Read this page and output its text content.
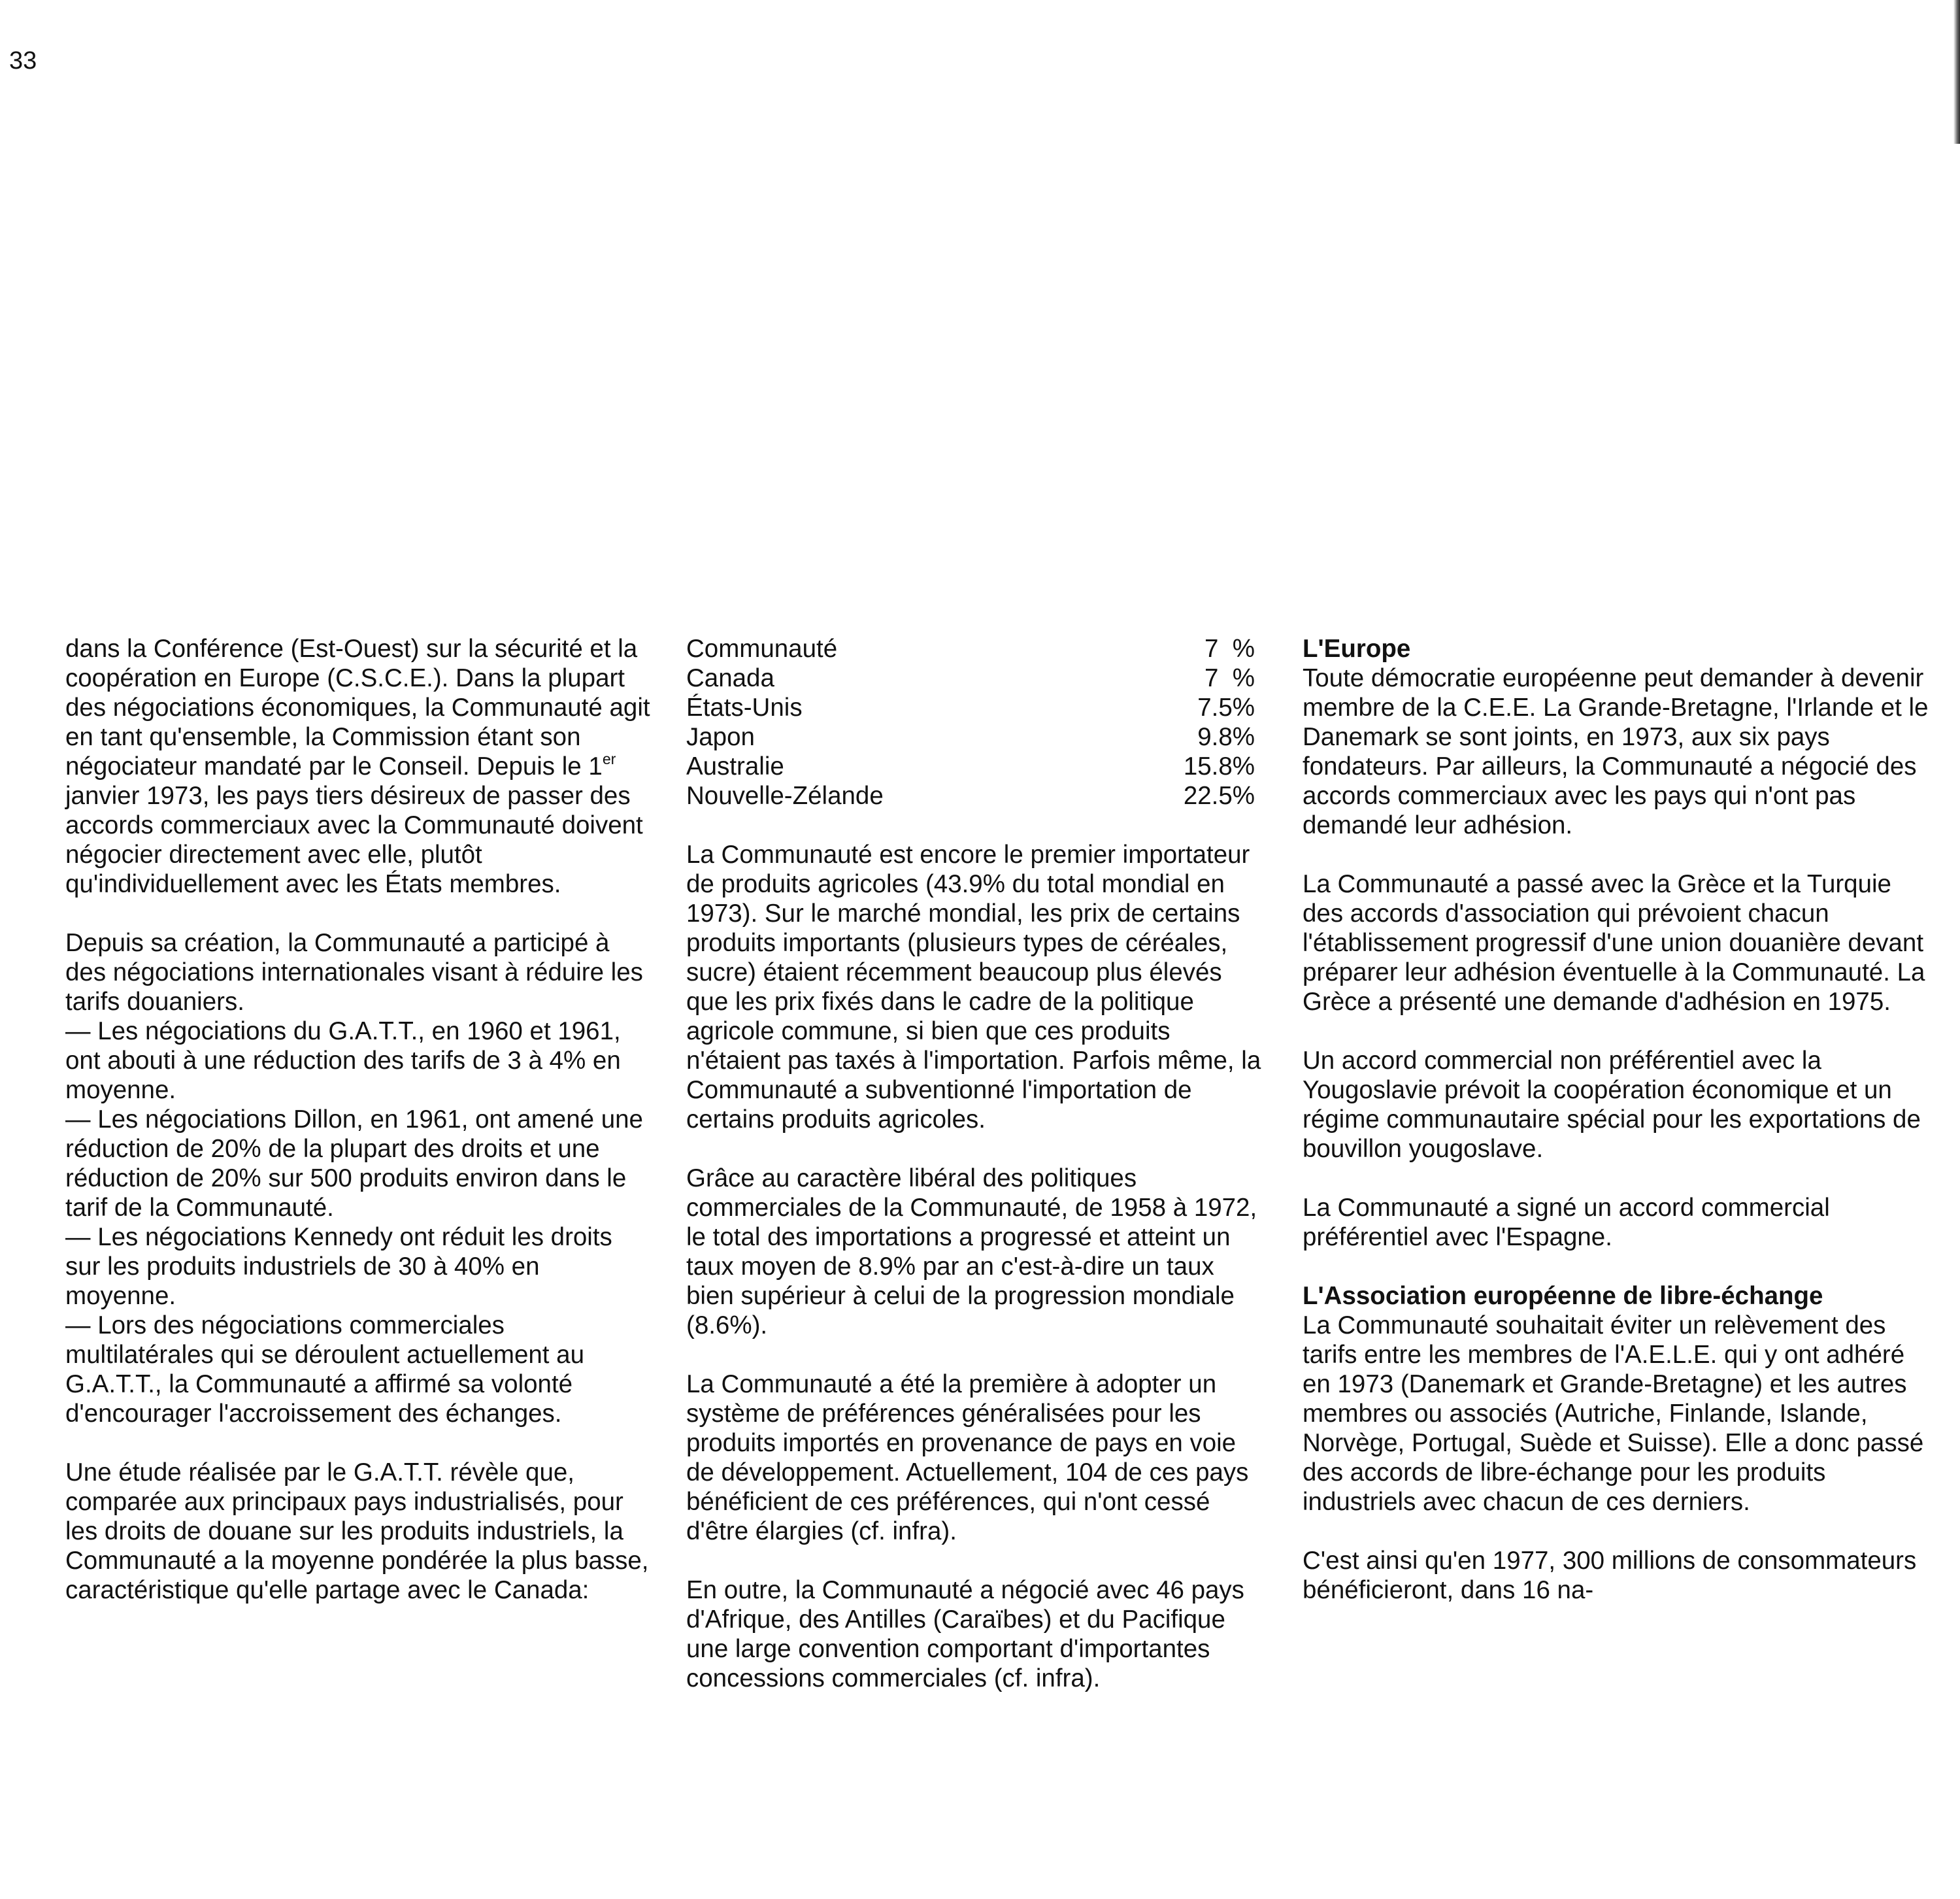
33

dans la Conférence (Est-Ouest) sur la sécurité et la coopération en Europe (C.S.C.E.). Dans la plupart des négociations économiques, la Communauté agit en tant qu'ensemble, la Commission étant son négociateur mandaté par le Conseil. Depuis le 1er janvier 1973, les pays tiers désireux de passer des accords commerciaux avec la Communauté doivent négocier directement avec elle, plutôt qu'individuellement avec les États membres.

Depuis sa création, la Communauté a participé à des négociations internationales visant à réduire les tarifs douaniers.
— Les négociations du G.A.T.T., en 1960 et 1961, ont abouti à une réduction des tarifs de 3 à 4% en moyenne.
— Les négociations Dillon, en 1961, ont amené une réduction de 20% de la plupart des droits et une réduction de 20% sur 500 produits environ dans le tarif de la Communauté.
— Les négociations Kennedy ont réduit les droits sur les produits industriels de 30 à 40% en moyenne.
— Lors des négociations commerciales multilatérales qui se déroulent actuellement au G.A.T.T., la Communauté a affirmé sa volonté d'encourager l'accroissement des échanges.

Une étude réalisée par le G.A.T.T. révèle que, comparée aux principaux pays industrialisés, pour les droits de douane sur les produits industriels, la Communauté a la moyenne pondérée la plus basse, caractéristique qu'elle partage avec le Canada:

Communauté	7  %
Canada	7  %
États-Unis	7.5%
Japon	9.8%
Australie	15.8%
Nouvelle-Zélande	22.5%

La Communauté est encore le premier importateur de produits agricoles (43.9% du total mondial en 1973). Sur le marché mondial, les prix de certains produits importants (plusieurs types de céréales, sucre) étaient récemment beaucoup plus élevés que les prix fixés dans le cadre de la politique agricole commune, si bien que ces produits n'étaient pas taxés à l'importation. Parfois même, la Communauté a subventionné l'importation de certains produits agricoles.

Grâce au caractère libéral des politiques commerciales de la Communauté, de 1958 à 1972, le total des importations a progressé et atteint un taux moyen de 8.9% par an c'est-à-dire un taux bien supérieur à celui de la progression mondiale (8.6%).

La Communauté a été la première à adopter un système de préférences généralisées pour les produits importés en provenance de pays en voie de développement. Actuellement, 104 de ces pays bénéficient de ces préférences, qui n'ont cessé d'être élargies (cf. infra).

En outre, la Communauté a négocié avec 46 pays d'Afrique, des Antilles (Caraïbes) et du Pacifique une large convention comportant d'importantes concessions commerciales (cf. infra).

L'Europe
Toute démocratie européenne peut demander à devenir membre de la C.E.E. La Grande-Bretagne, l'Irlande et le Danemark se sont joints, en 1973, aux six pays fondateurs. Par ailleurs, la Communauté a négocié des accords commerciaux avec les pays qui n'ont pas demandé leur adhésion.

La Communauté a passé avec la Grèce et la Turquie des accords d'association qui prévoient chacun l'établissement progressif d'une union douanière devant préparer leur adhésion éventuelle à la Communauté. La Grèce a présenté une demande d'adhésion en 1975.

Un accord commercial non préférentiel avec la Yougoslavie prévoit la coopération économique et un régime communautaire spécial pour les exportations de bouvillon yougoslave.

La Communauté a signé un accord commercial préférentiel avec l'Espagne.

L'Association européenne de libre-échange
La Communauté souhaitait éviter un relèvement des tarifs entre les membres de l'A.E.L.E. qui y ont adhéré en 1973 (Danemark et Grande-Bretagne) et les autres membres ou associés (Autriche, Finlande, Islande, Norvège, Portugal, Suède et Suisse). Elle a donc passé des accords de libre-échange pour les produits industriels avec chacun de ces derniers.

C'est ainsi qu'en 1977, 300 millions de consommateurs bénéficieront, dans 16 na-
